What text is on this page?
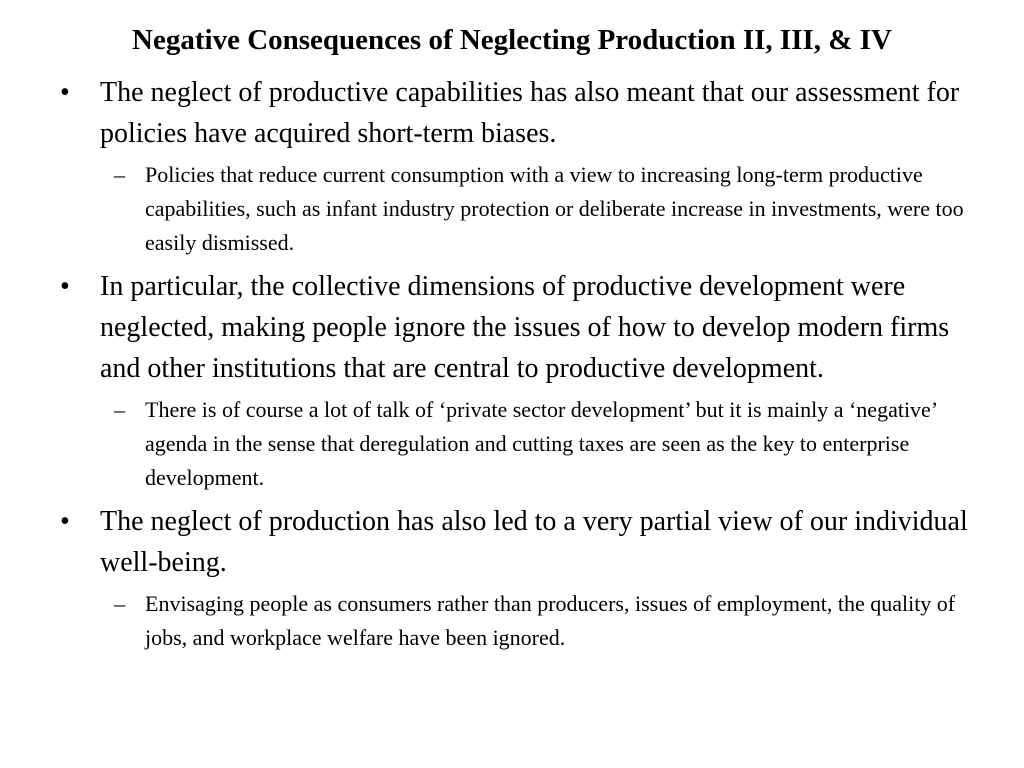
Negative Consequences of Neglecting Production II, III, & IV
• The neglect of productive capabilities has also meant that our assessment for policies have acquired short-term biases.
– Policies that reduce current consumption with a view to increasing long-term productive capabilities, such as infant industry protection or deliberate increase in investments, were too easily dismissed.
• In particular, the collective dimensions of productive development were neglected, making people ignore the issues of how to develop modern firms and other institutions that are central to productive development.
– There is of course a lot of talk of ‘private sector development’ but it is mainly a ‘negative’ agenda in the sense that deregulation and cutting taxes are seen as the key to enterprise development.
• The neglect of production has also led to a very partial view of our individual well-being.
– Envisaging people as consumers rather than producers, issues of employment, the quality of jobs, and workplace welfare have been ignored.
